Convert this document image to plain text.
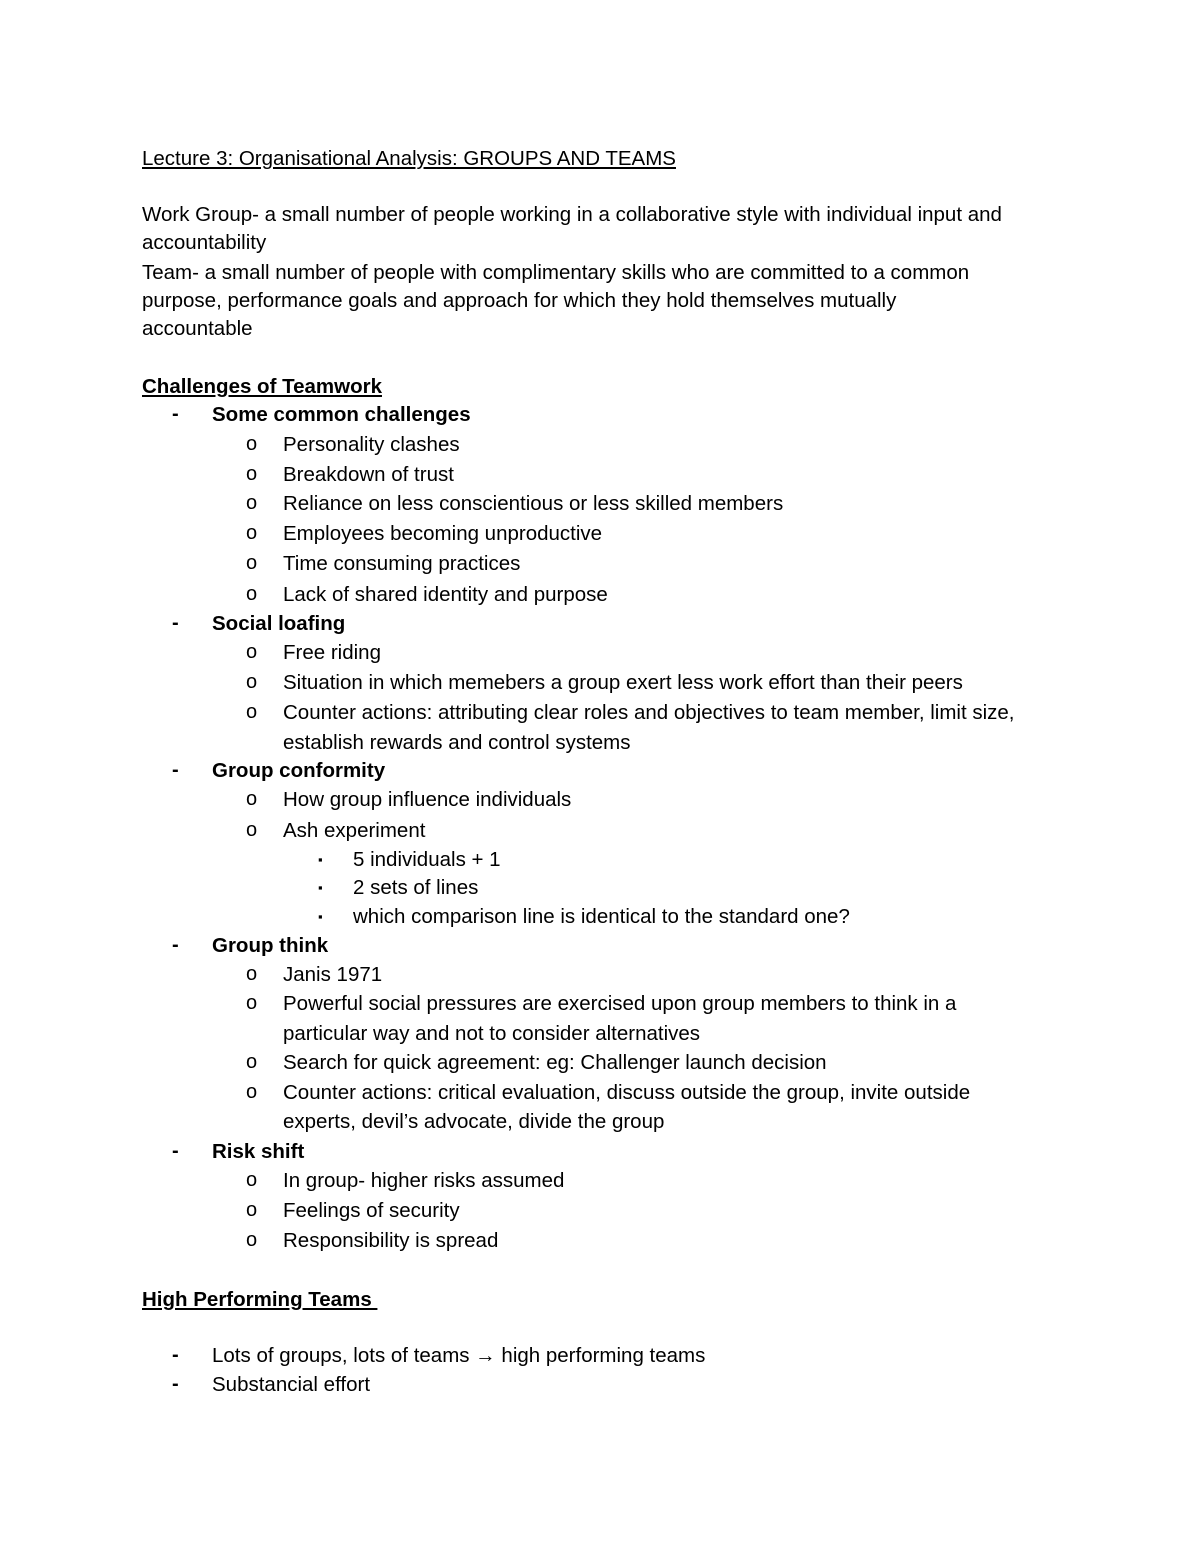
Lecture 3: Organisational Analysis: GROUPS AND TEAMS
Work Group- a small number of people working in a collaborative style with individual input and
accountability
Team- a small number of people with complimentary skills who are committed to a common
purpose, performance goals and approach for which they hold themselves mutually
accountable
Challenges of Teamwork
- Some common challenges
o Personality clashes
o Breakdown of trust
o Reliance on less conscientious or less skilled members
o Employees becoming unproductive
o Time consuming practices
o Lack of shared identity and purpose
- Social loafing
o Free riding
o Situation in which memebers a group exert less work effort than their peers
o Counter actions: attributing clear roles and objectives to team member, limit size,
establish rewards and control systems
- Group conformity
o How group influence individuals
o Ash experiment
▪ 5 individuals + 1
▪ 2 sets of lines
▪ which comparison line is identical to the standard one?
- Group think
o Janis 1971
o Powerful social pressures are exercised upon group members to think in a
particular way and not to consider alternatives
o Search for quick agreement: eg: Challenger launch decision
o Counter actions: critical evaluation, discuss outside the group, invite outside
experts, devil’s advocate, divide the group
- Risk shift
o In group- higher risks assumed
o Feelings of security
o Responsibility is spread
High Performing Teams
- Lots of groups, lots of teams → high performing teams
- Substancial effort
